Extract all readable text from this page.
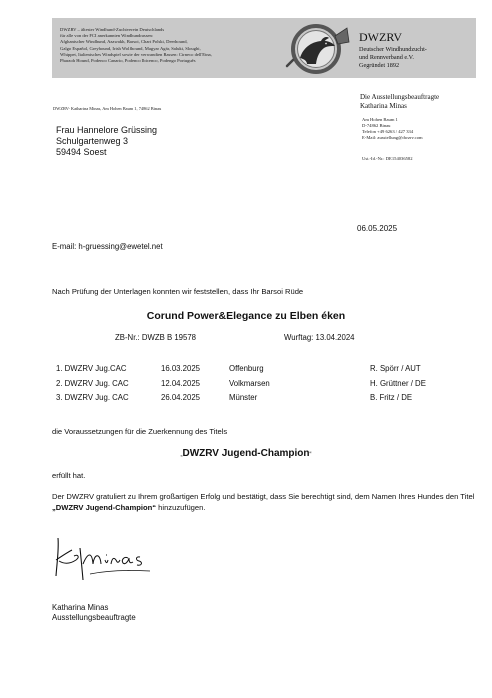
DWZRV – ältester Windhund-Zuchtverein Deutschlands
für alle von der FCI anerkannten Windhundrassen:
Afghanischer Windhund, Azawakh, Barsoi, Chart Polski, Deerhound,
Galgo Español, Greyhound, Irish Wolfhound, Magyar Agár, Saluki, Sloughi,
Whippet, Italienisches Windspiel sowie der verwandten Rassen: Cirneco dell'Etna,
Pharaoh Hound, Podenco Canario, Podenco Ibicenco, Podengo Português
DWZRV
Deutscher Windhundzucht-
und Rennverband e.V.
Gegründet 1892
DWZRV- Katharina Minas, Am Hohen Baum 1, 74862 Binau
Frau Hannelore Grüssing
Schulgartenweg 3
59494 Soest
Die Ausstellungsbeauftragte
Katharina Minas
Am Hohen Baum 1
D-74862 Binau
Telefon +49 6263 / 427 334
E-Mail: ausstellung@dwzrv.com
Ust.-Id.-Nr.: DE154036582
06.05.2025
E-mail: h-gruessing@ewetel.net
Nach Prüfung der Unterlagen konnten wir feststellen, dass Ihr Barsoi Rüde
Corund Power&Elegance zu Elben éken
ZB-Nr.: DWZB B 19578	Wurftag: 13.04.2024
1. DWZRV Jug.CAC	16.03.2025	Offenburg	R. Spörr / AUT
2. DWZRV Jug. CAC	12.04.2025	Volkmarsen	H. Grüttner / DE
3. DWZRV Jug. CAC	26.04.2025	Münster	B. Fritz / DE
die Voraussetzungen für die Zuerkennung des Titels
„DWZRV Jugend-Champion“
erfüllt hat.
Der DWZRV gratuliert zu Ihrem großartigen Erfolg und bestätigt, dass Sie berechtigt sind, dem Namen Ihres Hundes den Titel „DWZRV Jugend-Champion“ hinzuzufügen.
Katharina Minas
Ausstellungsbeauftragte
